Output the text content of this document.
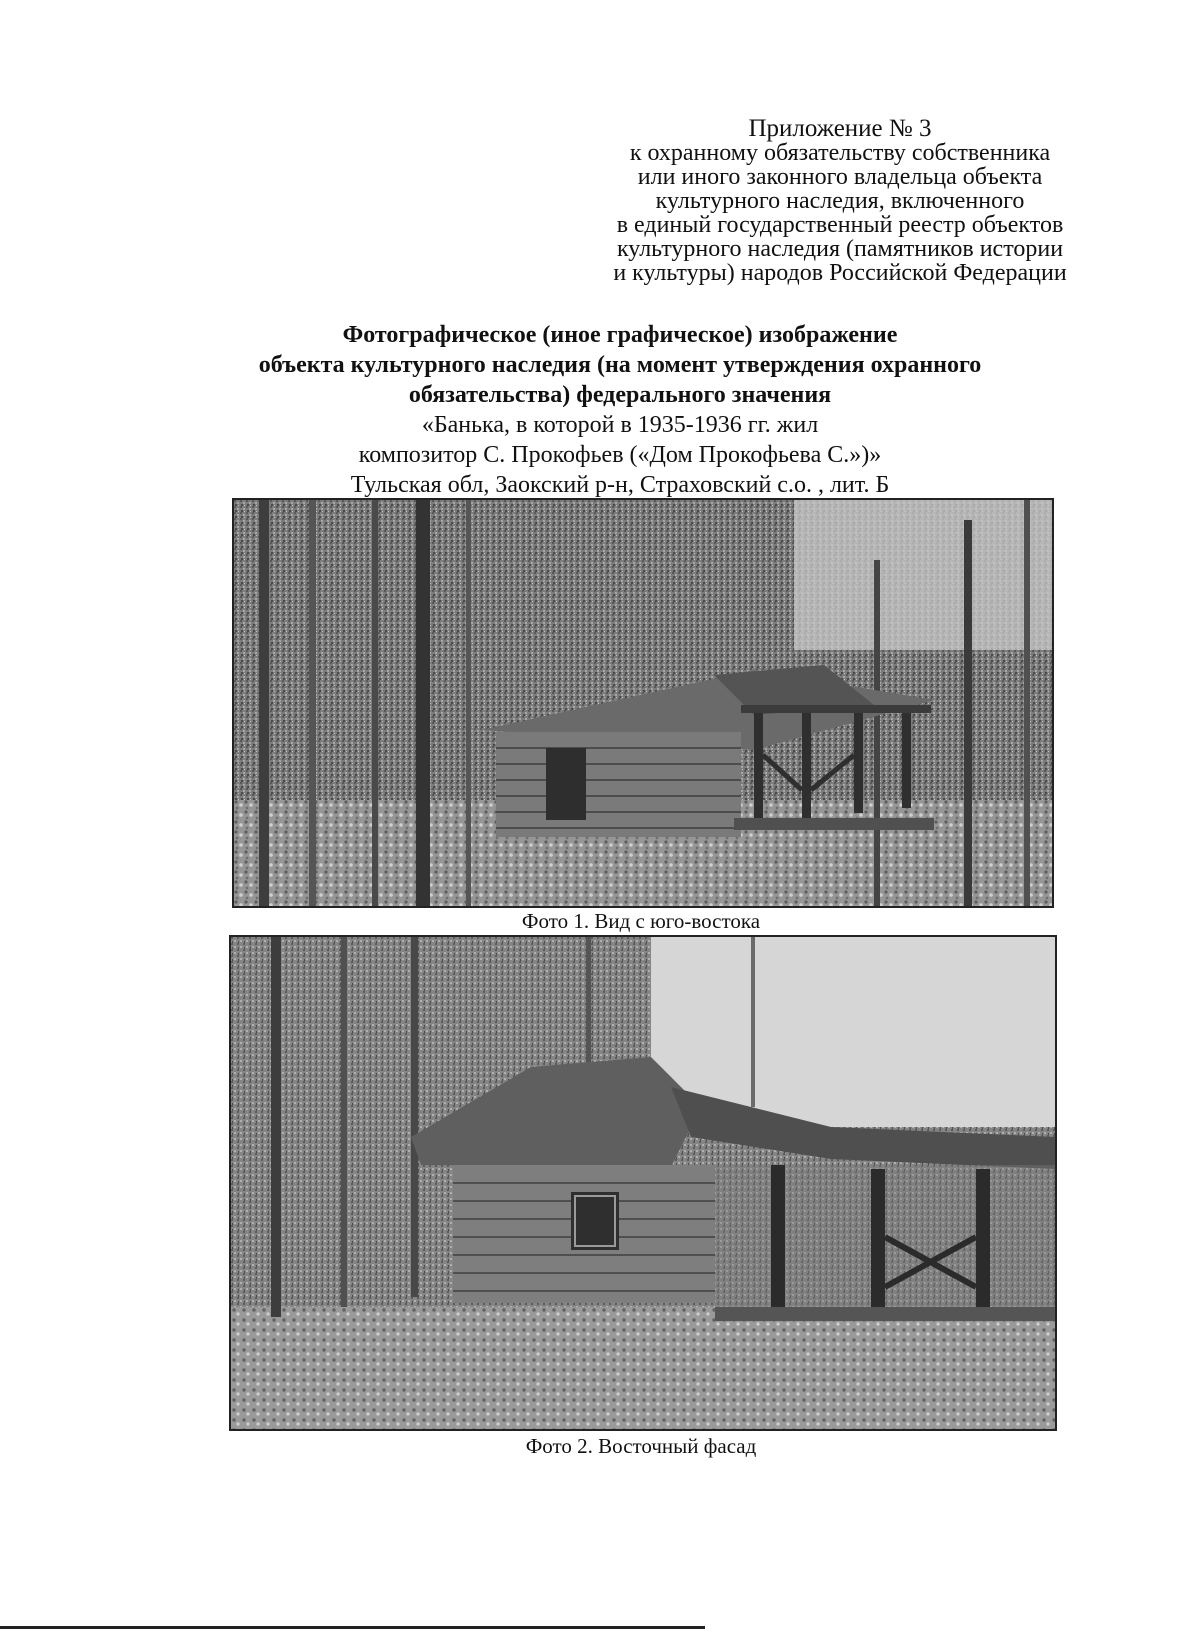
Приложение № 3
к охранному обязательству собственника
или иного законного владельца объекта
культурного наследия, включенного
в единый государственный реестр объектов
культурного наследия (памятников истории
и культуры) народов Российской Федерации
Фотографическое (иное графическое) изображение
объекта культурного наследия (на момент утверждения охранного
обязательства) федерального значения
«Банька, в которой в 1935-1936 гг. жил
композитор С. Прокофьев («Дом Прокофьева С.»)»
Тульская обл, Заокский р-н, Страховский с.о. , лит. Б
Фото 1. Вид с юго-востока
Фото 2. Восточный фасад
